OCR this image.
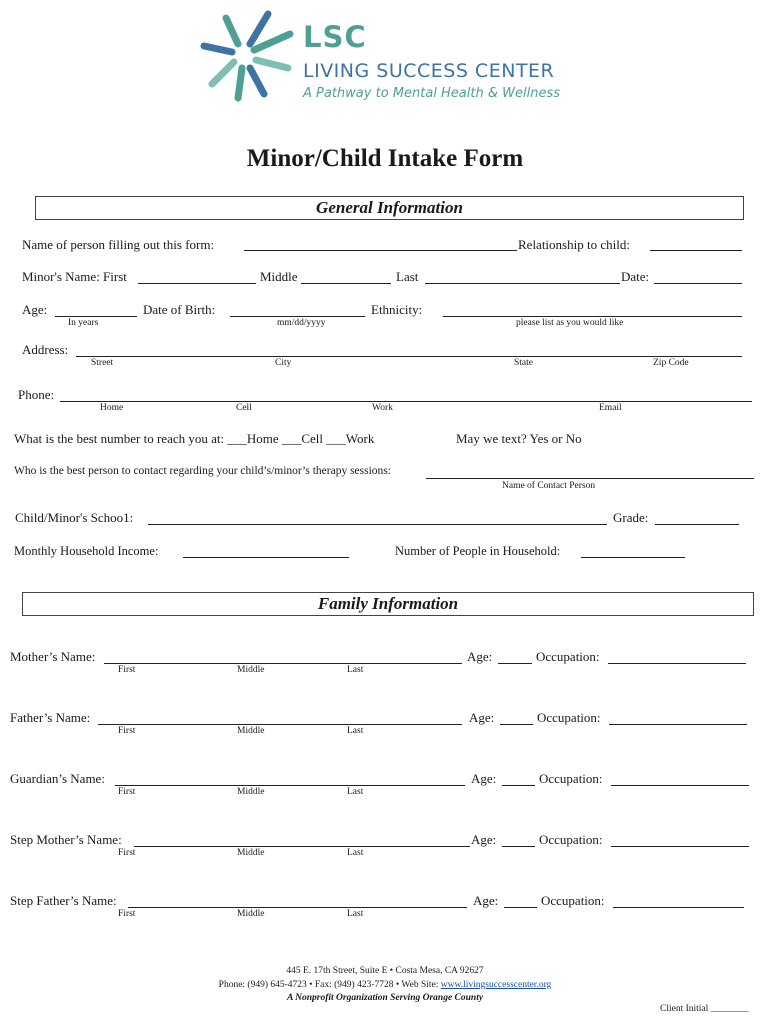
LSC
LIVING SUCCESS CENTER
A Pathway to Mental Health & Wellness
Minor/Child Intake Form
General Information
Name of person filling out this form:	Relationship to child:
Minor's Name: First	Middle	Last	Date:
Age:	Date of Birth:	Ethnicity:
In years	mm/dd/yyyy	please list as you would like
Address:
Street	City	State	Zip Code
Phone:
Home	Cell	Work	Email
What is the best number to reach you at: ___Home ___Cell ___Work	May we text? Yes or No
Who is the best person to contact regarding your child’s/minor’s therapy sessions:
Name of Contact Person
Child/Minor's Schoo1:	Grade:
Monthly Household Income:	Number of People in Household:
Family Information
Mother’s Name:	Age:	Occupation:
First	Middle	Last
Father’s Name:	Age:	Occupation:
First	Middle	Last
Guardian’s Name:	Age:	Occupation:
First	Middle	Last
Step Mother’s Name:	Age:	Occupation:
First	Middle	Last
Step Father’s Name:	Age:	Occupation:
First	Middle	Last
445 E. 17th Street, Suite E • Costa Mesa, CA 92627
Phone: (949) 645-4723 • Fax: (949) 423-7728 • Web Site: www.livingsuccesscenter.org
A Nonprofit Organization Serving Orange County
Client Initial ________
